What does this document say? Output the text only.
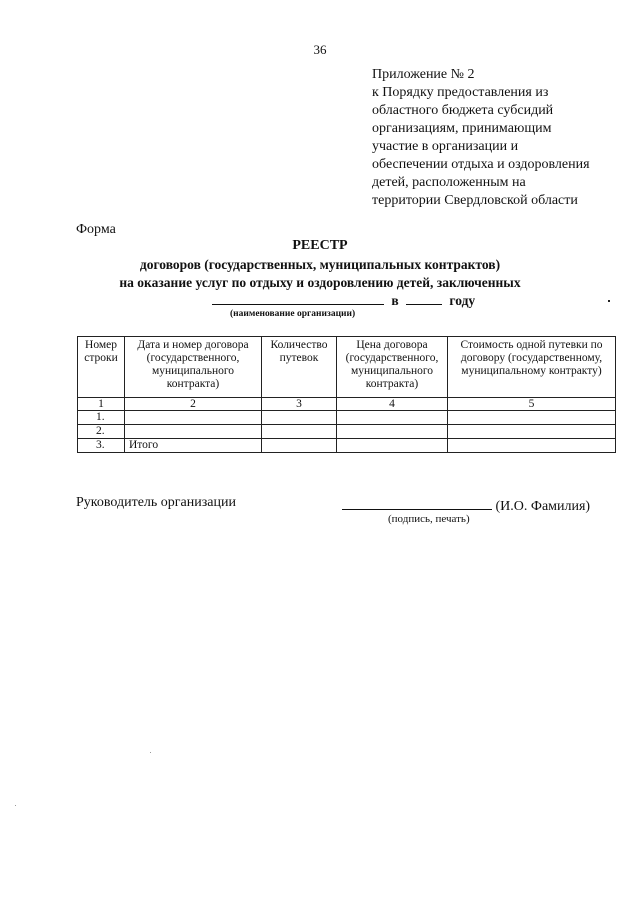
36
Приложение № 2
к Порядку предоставления из
областного бюджета субсидий
организациям, принимающим
участие в организации и
обеспечении отдыха и оздоровления
детей, расположенным на
территории Свердловской области
Форма
РЕЕСТР
договоров (государственных, муниципальных контрактов)
на оказание услуг по отдыху и оздоровлению детей, заключенных
в	году
(наименование организации)
Номер строки	Дата и номер договора (государственного, муниципального контракта)	Количество путевок	Цена договора (государственного, муниципального контракта)	Стоимость одной путевки по договору (государственному, муниципальному контракту)
1	2	3	4	5
1.				
2.				
3.	Итого			
Руководитель организации	(И.О. Фамилия)
(подпись, печать)
